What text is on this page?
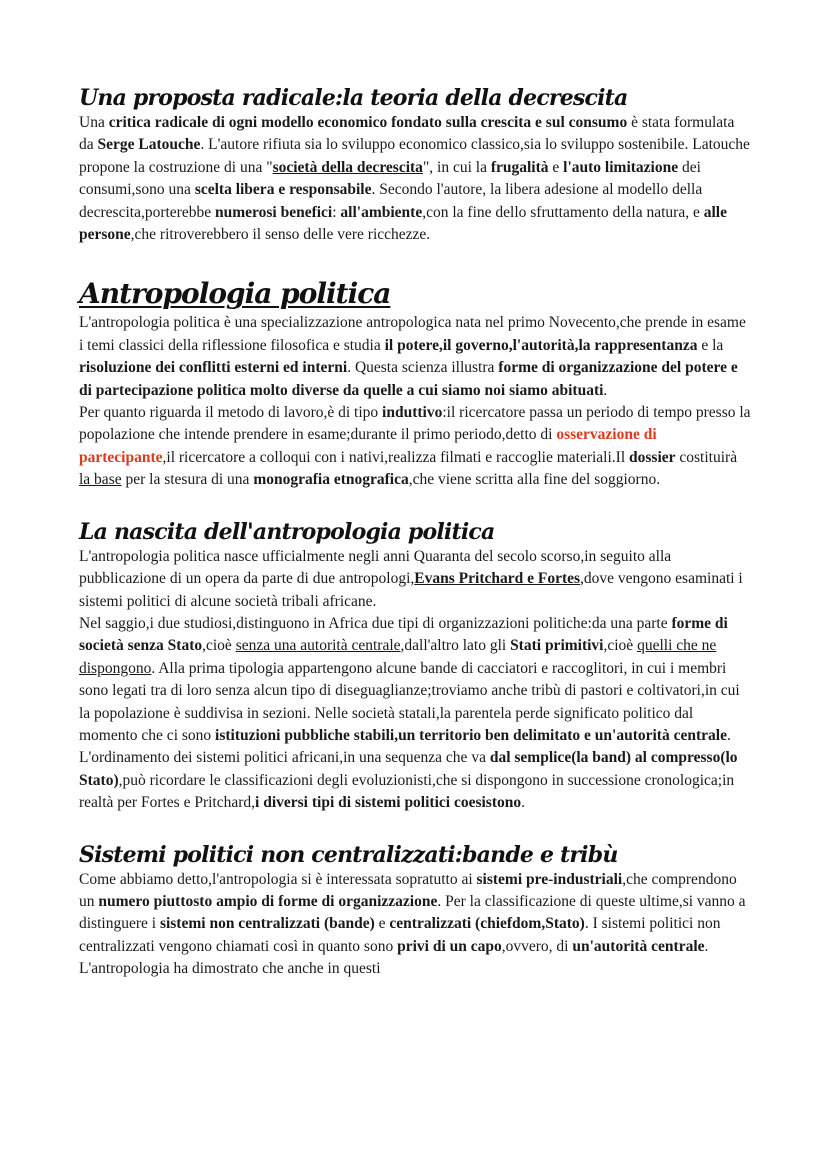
Una proposta radicale:la teoria della decrescita

Una critica radicale di ogni modello economico fondato sulla crescita e sul consumo è stata formulata da Serge Latouche. L'autore rifiuta sia lo sviluppo economico classico,sia lo sviluppo sostenibile. Latouche propone la costruzione di una "società della decrescita", in cui la frugalità e l'auto limitazione dei consumi,sono una scelta libera e responsabile. Secondo l'autore, la libera adesione al modello della decrescita,porterebbe numerosi benefici: all'ambiente,con la fine dello sfruttamento della natura, e alle persone,che ritroverebbero il senso delle vere ricchezze.

Antropologia politica

L'antropologia politica è una specializzazione antropologica nata nel primo Novecento,che prende in esame i temi classici della riflessione filosofica e studia il potere,il governo,l'autorità,la rappresentanza e la risoluzione dei conflitti esterni ed interni. Questa scienza illustra forme di organizzazione del potere e di partecipazione politica molto diverse da quelle a cui siamo noi siamo abituati.

Per quanto riguarda il metodo di lavoro,è di tipo induttivo:il ricercatore passa un periodo di tempo presso la popolazione che intende prendere in esame;durante il primo periodo,detto di osservazione di partecipante,il ricercatore a colloqui con i nativi,realizza filmati e raccoglie materiali.Il dossier costituirà la base per la stesura di una monografia etnografica,che viene scritta alla fine del soggiorno.

La nascita dell'antropologia politica

L'antropologia politica nasce ufficialmente negli anni Quaranta del secolo scorso,in seguito alla pubblicazione di un opera da parte di due antropologi,Evans Pritchard e Fortes,dove vengono esaminati i sistemi politici di alcune società tribali africane.

Nel saggio,i due studiosi,distinguono in Africa due tipi di organizzazioni politiche:da una parte forme di società senza Stato,cioè senza una autorità centrale,dall'altro lato gli Stati primitivi,cioè quelli che ne dispongono. Alla prima tipologia appartengono alcune bande di cacciatori e raccoglitori, in cui i membri sono legati tra di loro senza alcun tipo di diseguaglianze;troviamo anche tribù di pastori e coltivatori,in cui la popolazione è suddivisa in sezioni. Nelle società statali,la parentela perde significato politico dal momento che ci sono istituzioni pubbliche stabili,un territorio ben delimitato e un'autorità centrale.

L'ordinamento dei sistemi politici africani,in una sequenza che va dal semplice(la band) al compresso(lo Stato),può ricordare le classificazioni degli evoluzionisti,che si dispongono in successione cronologica;in realtà per Fortes e Pritchard,i diversi tipi di sistemi politici coesistono.

Sistemi politici non centralizzati:bande e tribù

Come abbiamo detto,l'antropologia si è interessata sopratutto ai sistemi pre-industriali,che comprendono un numero piuttosto ampio di forme di organizzazione. Per la classificazione di queste ultime,si vanno a distinguere i sistemi non centralizzati (bande) e centralizzati (chiefdom,Stato). I sistemi politici non centralizzati vengono chiamati così in quanto sono privi di un capo,ovvero, di un'autorità centrale. L'antropologia ha dimostrato che anche in questi
